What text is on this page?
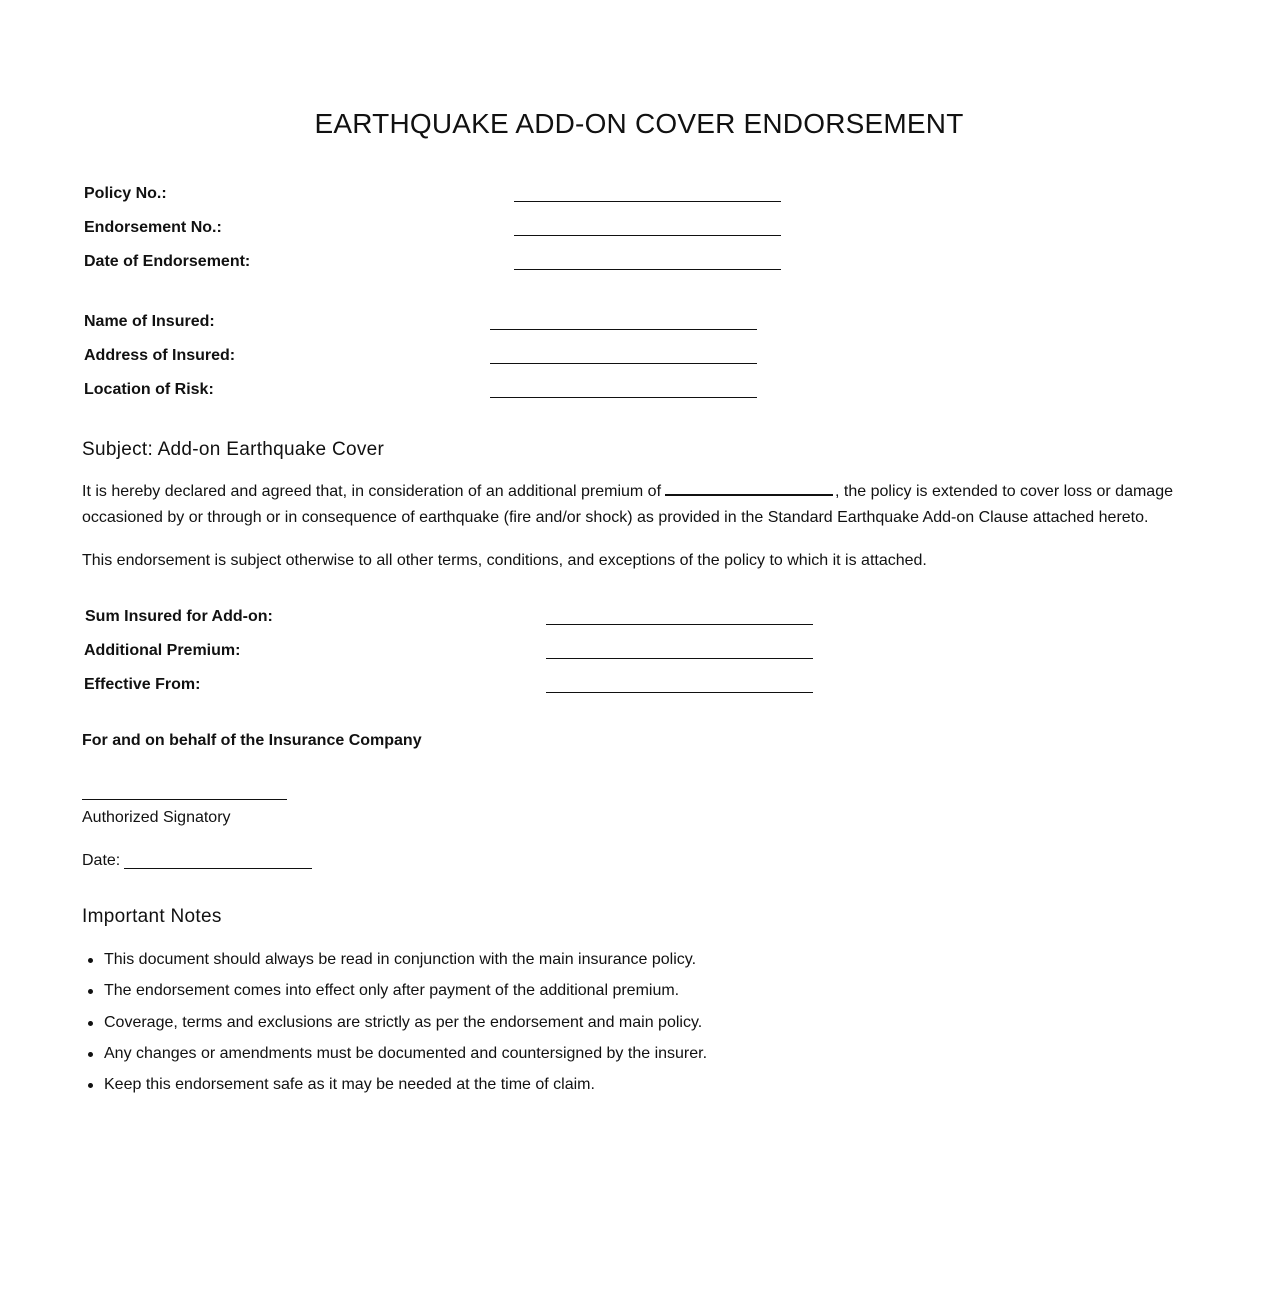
EARTHQUAKE ADD-ON COVER ENDORSEMENT
Policy No.:
Endorsement No.:
Date of Endorsement:
Name of Insured:
Address of Insured:
Location of Risk:
Subject: Add-on Earthquake Cover
It is hereby declared and agreed that, in consideration of an additional premium of	, the policy is extended to cover loss or damage occasioned by or through or in consequence of earthquake (fire and/or shock) as provided in the Standard Earthquake Add-on Clause attached hereto.
This endorsement is subject otherwise to all other terms, conditions, and exceptions of the policy to which it is attached.
Sum Insured for Add-on:
Additional Premium:
Effective From:
For and on behalf of the Insurance Company
Authorized Signatory
Date:
Important Notes
This document should always be read in conjunction with the main insurance policy.
The endorsement comes into effect only after payment of the additional premium.
Coverage, terms and exclusions are strictly as per the endorsement and main policy.
Any changes or amendments must be documented and countersigned by the insurer.
Keep this endorsement safe as it may be needed at the time of claim.
